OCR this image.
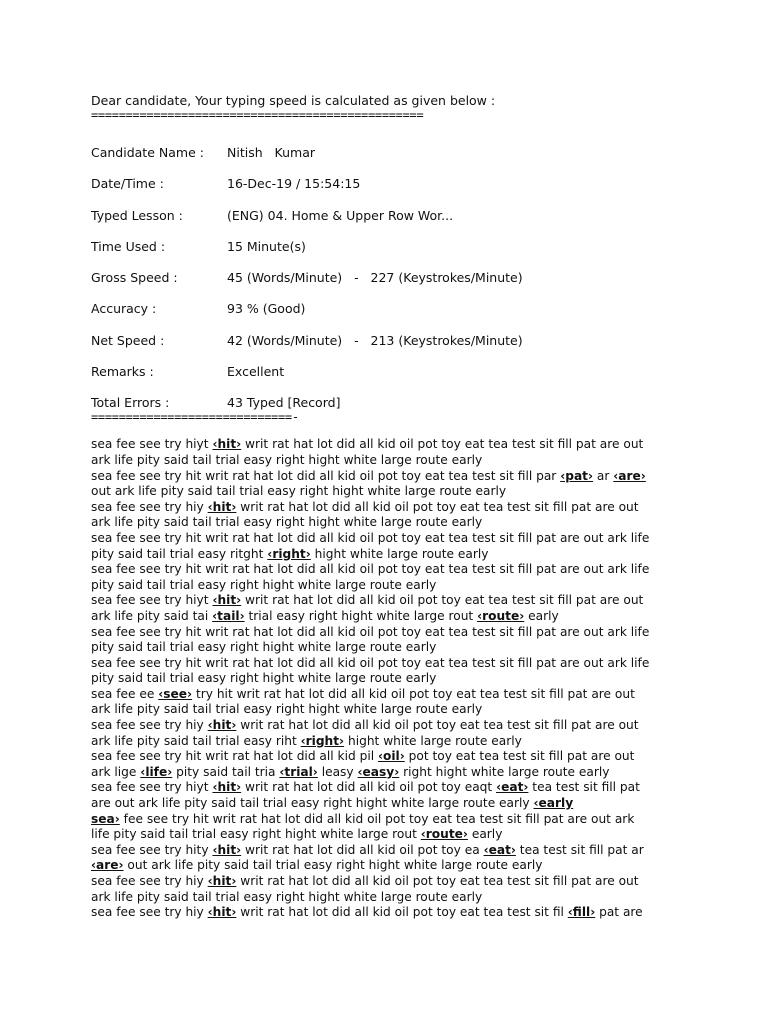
Dear candidate, Your typing speed is calculated as given below :
================================================
Candidate Name :	Nitish   Kumar
Date/Time :	16-Dec-19 / 15:54:15
Typed Lesson :	(ENG) 04. Home & Upper Row Wor...
Time Used :	15 Minute(s)
Gross Speed :	45 (Words/Minute)   -   227 (Keystrokes/Minute)
Accuracy :	93 % (Good)
Net Speed :	42 (Words/Minute)   -   213 (Keystrokes/Minute)
Remarks :	Excellent
Total Errors :	43 Typed [Record]
=============================-
sea fee see try hiyt ‹hit› writ rat hat lot did all kid oil pot toy eat tea test sit fill pat are out
ark life pity said tail trial easy right hight white large route early
sea fee see try hit writ rat hat lot did all kid oil pot toy eat tea test sit fill par ‹pat› ar ‹are›
out ark life pity said tail trial easy right hight white large route early
sea fee see try hiy ‹hit› writ rat hat lot did all kid oil pot toy eat tea test sit fill pat are out
ark life pity said tail trial easy right hight white large route early
sea fee see try hit writ rat hat lot did all kid oil pot toy eat tea test sit fill pat are out ark life
pity said tail trial easy ritght ‹right› hight white large route early
sea fee see try hit writ rat hat lot did all kid oil pot toy eat tea test sit fill pat are out ark life
pity said tail trial easy right hight white large route early
sea fee see try hiyt ‹hit› writ rat hat lot did all kid oil pot toy eat tea test sit fill pat are out
ark life pity said tai ‹tail› trial easy right hight white large rout ‹route› early
sea fee see try hit writ rat hat lot did all kid oil pot toy eat tea test sit fill pat are out ark life
pity said tail trial easy right hight white large route early
sea fee see try hit writ rat hat lot did all kid oil pot toy eat tea test sit fill pat are out ark life
pity said tail trial easy right hight white large route early
sea fee ee ‹see› try hit writ rat hat lot did all kid oil pot toy eat tea test sit fill pat are out
ark life pity said tail trial easy right hight white large route early
sea fee see try hiy ‹hit› writ rat hat lot did all kid oil pot toy eat tea test sit fill pat are out
ark life pity said tail trial easy riht ‹right› hight white large route early
sea fee see try hit writ rat hat lot did all kid pil ‹oil› pot toy eat tea test sit fill pat are out
ark lige ‹life› pity said tail tria ‹trial› leasy ‹easy› right hight white large route early
sea fee see try hiyt ‹hit› writ rat hat lot did all kid oil pot toy eaqt ‹eat› tea test sit fill pat
are out ark life pity said tail trial easy right hight white large route early ‹early
sea› fee see try hit writ rat hat lot did all kid oil pot toy eat tea test sit fill pat are out ark
life pity said tail trial easy right hight white large rout ‹route› early
sea fee see try hity ‹hit› writ rat hat lot did all kid oil pot toy ea ‹eat› tea test sit fill pat ar
‹are› out ark life pity said tail trial easy right hight white large route early
sea fee see try hiy ‹hit› writ rat hat lot did all kid oil pot toy eat tea test sit fill pat are out
ark life pity said tail trial easy right hight white large route early
sea fee see try hiy ‹hit› writ rat hat lot did all kid oil pot toy eat tea test sit fil ‹fill› pat are
